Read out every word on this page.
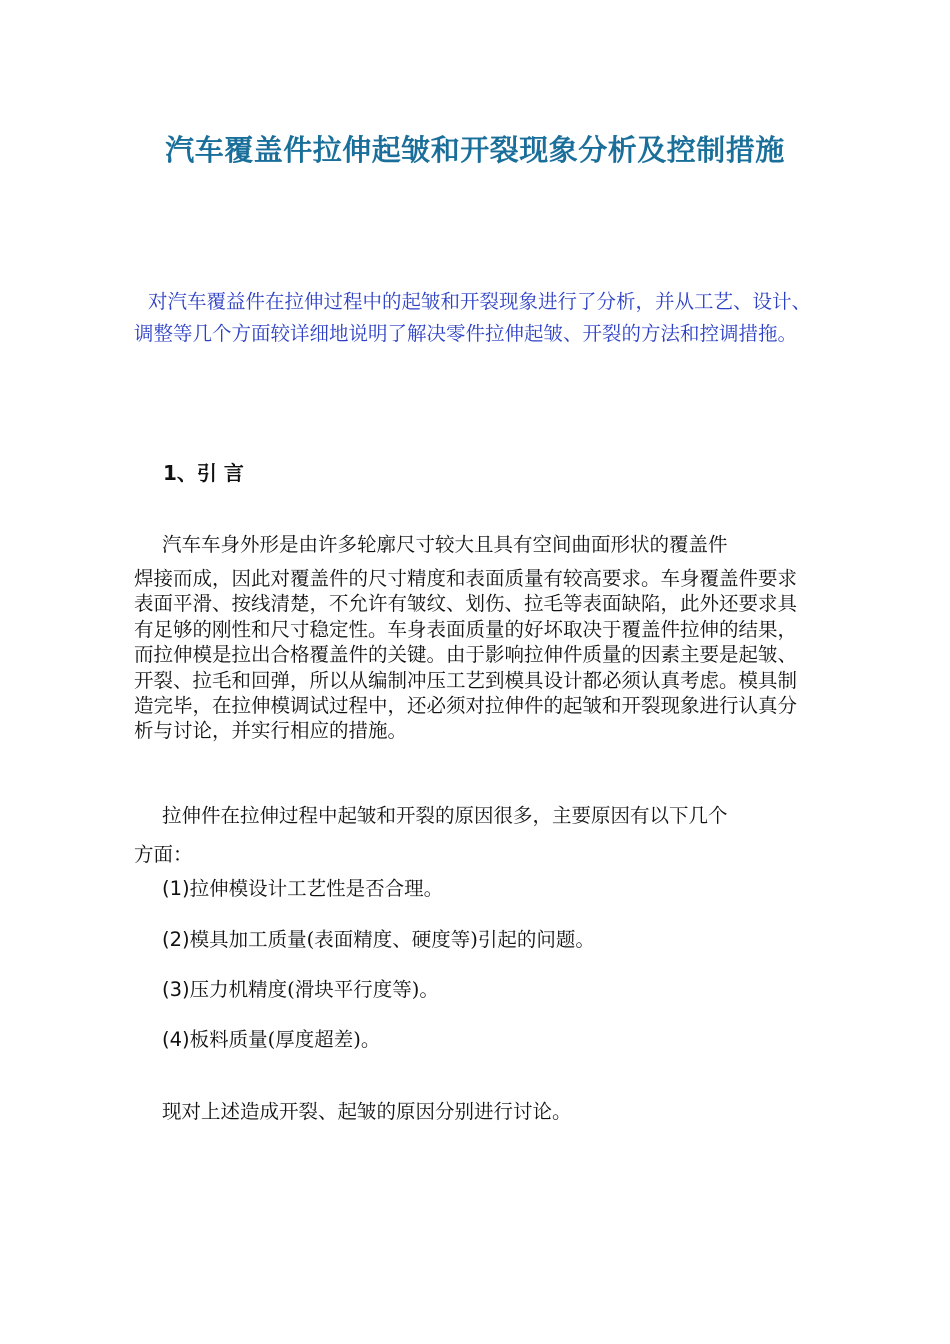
汽车覆盖件拉伸起皱和开裂现象分析及控制措施

对汽车覆益件在拉伸过程中的起皱和开裂现象进行了分析，并从工艺、设计、调整等几个方面较详细地说明了解决零件拉伸起皱、开裂的方法和控调措拖。

1、引 言

汽车车身外形是由许多轮廓尺寸较大且具有空间曲面形状的覆盖件

焊接而成，因此对覆盖件的尺寸精度和表面质量有较高要求。车身覆盖件要求表面平滑、按线清楚，不允许有皱纹、划伤、拉毛等表面缺陷，此外还要求具有足够的刚性和尺寸稳定性。车身表面质量的好坏取决于覆盖件拉伸的结果，而拉伸模是拉出合格覆盖件的关键。由于影响拉伸件质量的因素主要是起皱、开裂、拉毛和回弹，所以从编制冲压工艺到模具设计都必须认真考虑。模具制造完毕，在拉伸模调试过程中，还必须对拉伸件的起皱和开裂现象进行认真分析与讨论，并实行相应的措施。

拉伸件在拉伸过程中起皱和开裂的原因很多，主要原因有以下几个

方面：

(1)拉伸模设计工艺性是否合理。

(2)模具加工质量(表面精度、硬度等)引起的问题。

(3)压力机精度(滑块平行度等)。

(4)板料质量(厚度超差)。

现对上述造成开裂、起皱的原因分别进行讨论。
